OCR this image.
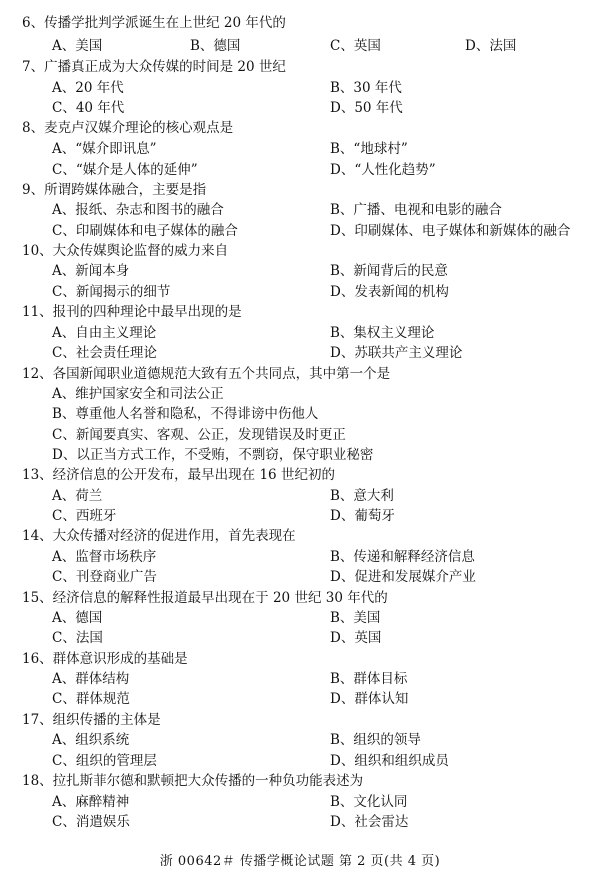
6、传播学批判学派诞生在上世纪 20 年代的
A、美国	B、德国	C、英国	D、法国
7、广播真正成为大众传媒的时间是 20 世纪
A、20 年代	B、30 年代
C、40 年代	D、50 年代
8、麦克卢汉媒介理论的核心观点是
A、“媒介即讯息”	B、“地球村”
C、“媒介是人体的延伸”	D、“人性化趋势”
9、所谓跨媒体融合，主要是指
A、报纸、杂志和图书的融合	B、广播、电视和电影的融合
C、印刷媒体和电子媒体的融合	D、印刷媒体、电子媒体和新媒体的融合
10、大众传媒舆论监督的威力来自
A、新闻本身	B、新闻背后的民意
C、新闻揭示的细节	D、发表新闻的机构
11、报刊的四种理论中最早出现的是
A、自由主义理论	B、集权主义理论
C、社会责任理论	D、苏联共产主义理论
12、各国新闻职业道德规范大致有五个共同点，其中第一个是
A、维护国家安全和司法公正
B、尊重他人名誉和隐私，不得诽谤中伤他人
C、新闻要真实、客观、公正，发现错误及时更正
D、以正当方式工作，不受贿，不剽窃，保守职业秘密
13、经济信息的公开发布，最早出现在 16 世纪初的
A、荷兰	B、意大利
C、西班牙	D、葡萄牙
14、大众传播对经济的促进作用，首先表现在
A、监督市场秩序	B、传递和解释经济信息
C、刊登商业广告	D、促进和发展媒介产业
15、经济信息的解释性报道最早出现在于 20 世纪 30 年代的
A、德国	B、美国
C、法国	D、英国
16、群体意识形成的基础是
A、群体结构	B、群体目标
C、群体规范	D、群体认知
17、组织传播的主体是
A、组织系统	B、组织的领导
C、组织的管理层	D、组织和组织成员
18、拉扎斯菲尔德和默顿把大众传播的一种负功能表述为
A、麻醉精神	B、文化认同
C、消遣娱乐	D、社会雷达
浙 00642＃ 传播学概论试题 第 2 页(共 4 页)
